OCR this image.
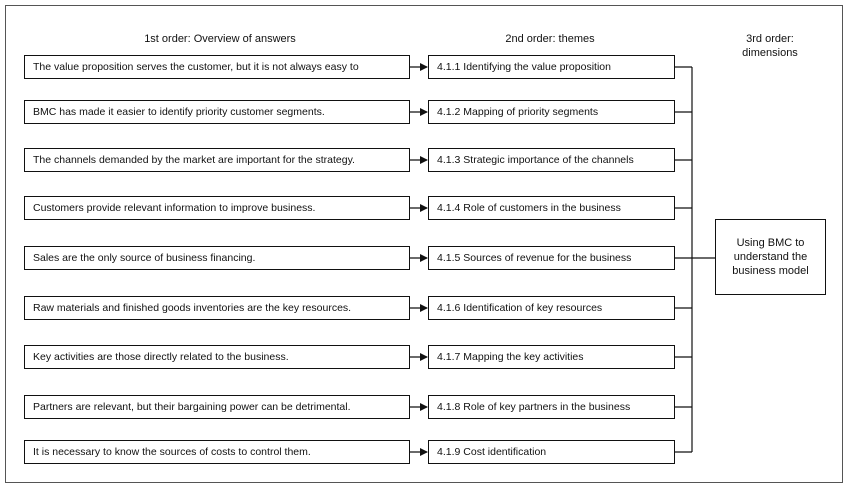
1st order: Overview of answers	2nd order: themes	3rd order:
dimensions
The value proposition serves the customer, but it is not always easy to	4.1.1 Identifying the value proposition
BMC has made it easier to identify priority customer segments.	4.1.2 Mapping of priority segments
The channels demanded by the market are important for the strategy.	4.1.3 Strategic importance of the channels
Customers provide relevant information to improve business.	4.1.4 Role of customers in the business
Sales are the only source of business financing.	4.1.5 Sources of revenue for the business
Raw materials and finished goods inventories are the key resources.	4.1.6 Identification of key resources
Key activities are those directly related to the business.	4.1.7 Mapping the key activities
Partners are relevant, but their bargaining power can be detrimental.	4.1.8 Role of key partners in the business
It is necessary to know the sources of costs to control them.	4.1.9 Cost identification
Using BMC to
understand the
business model
